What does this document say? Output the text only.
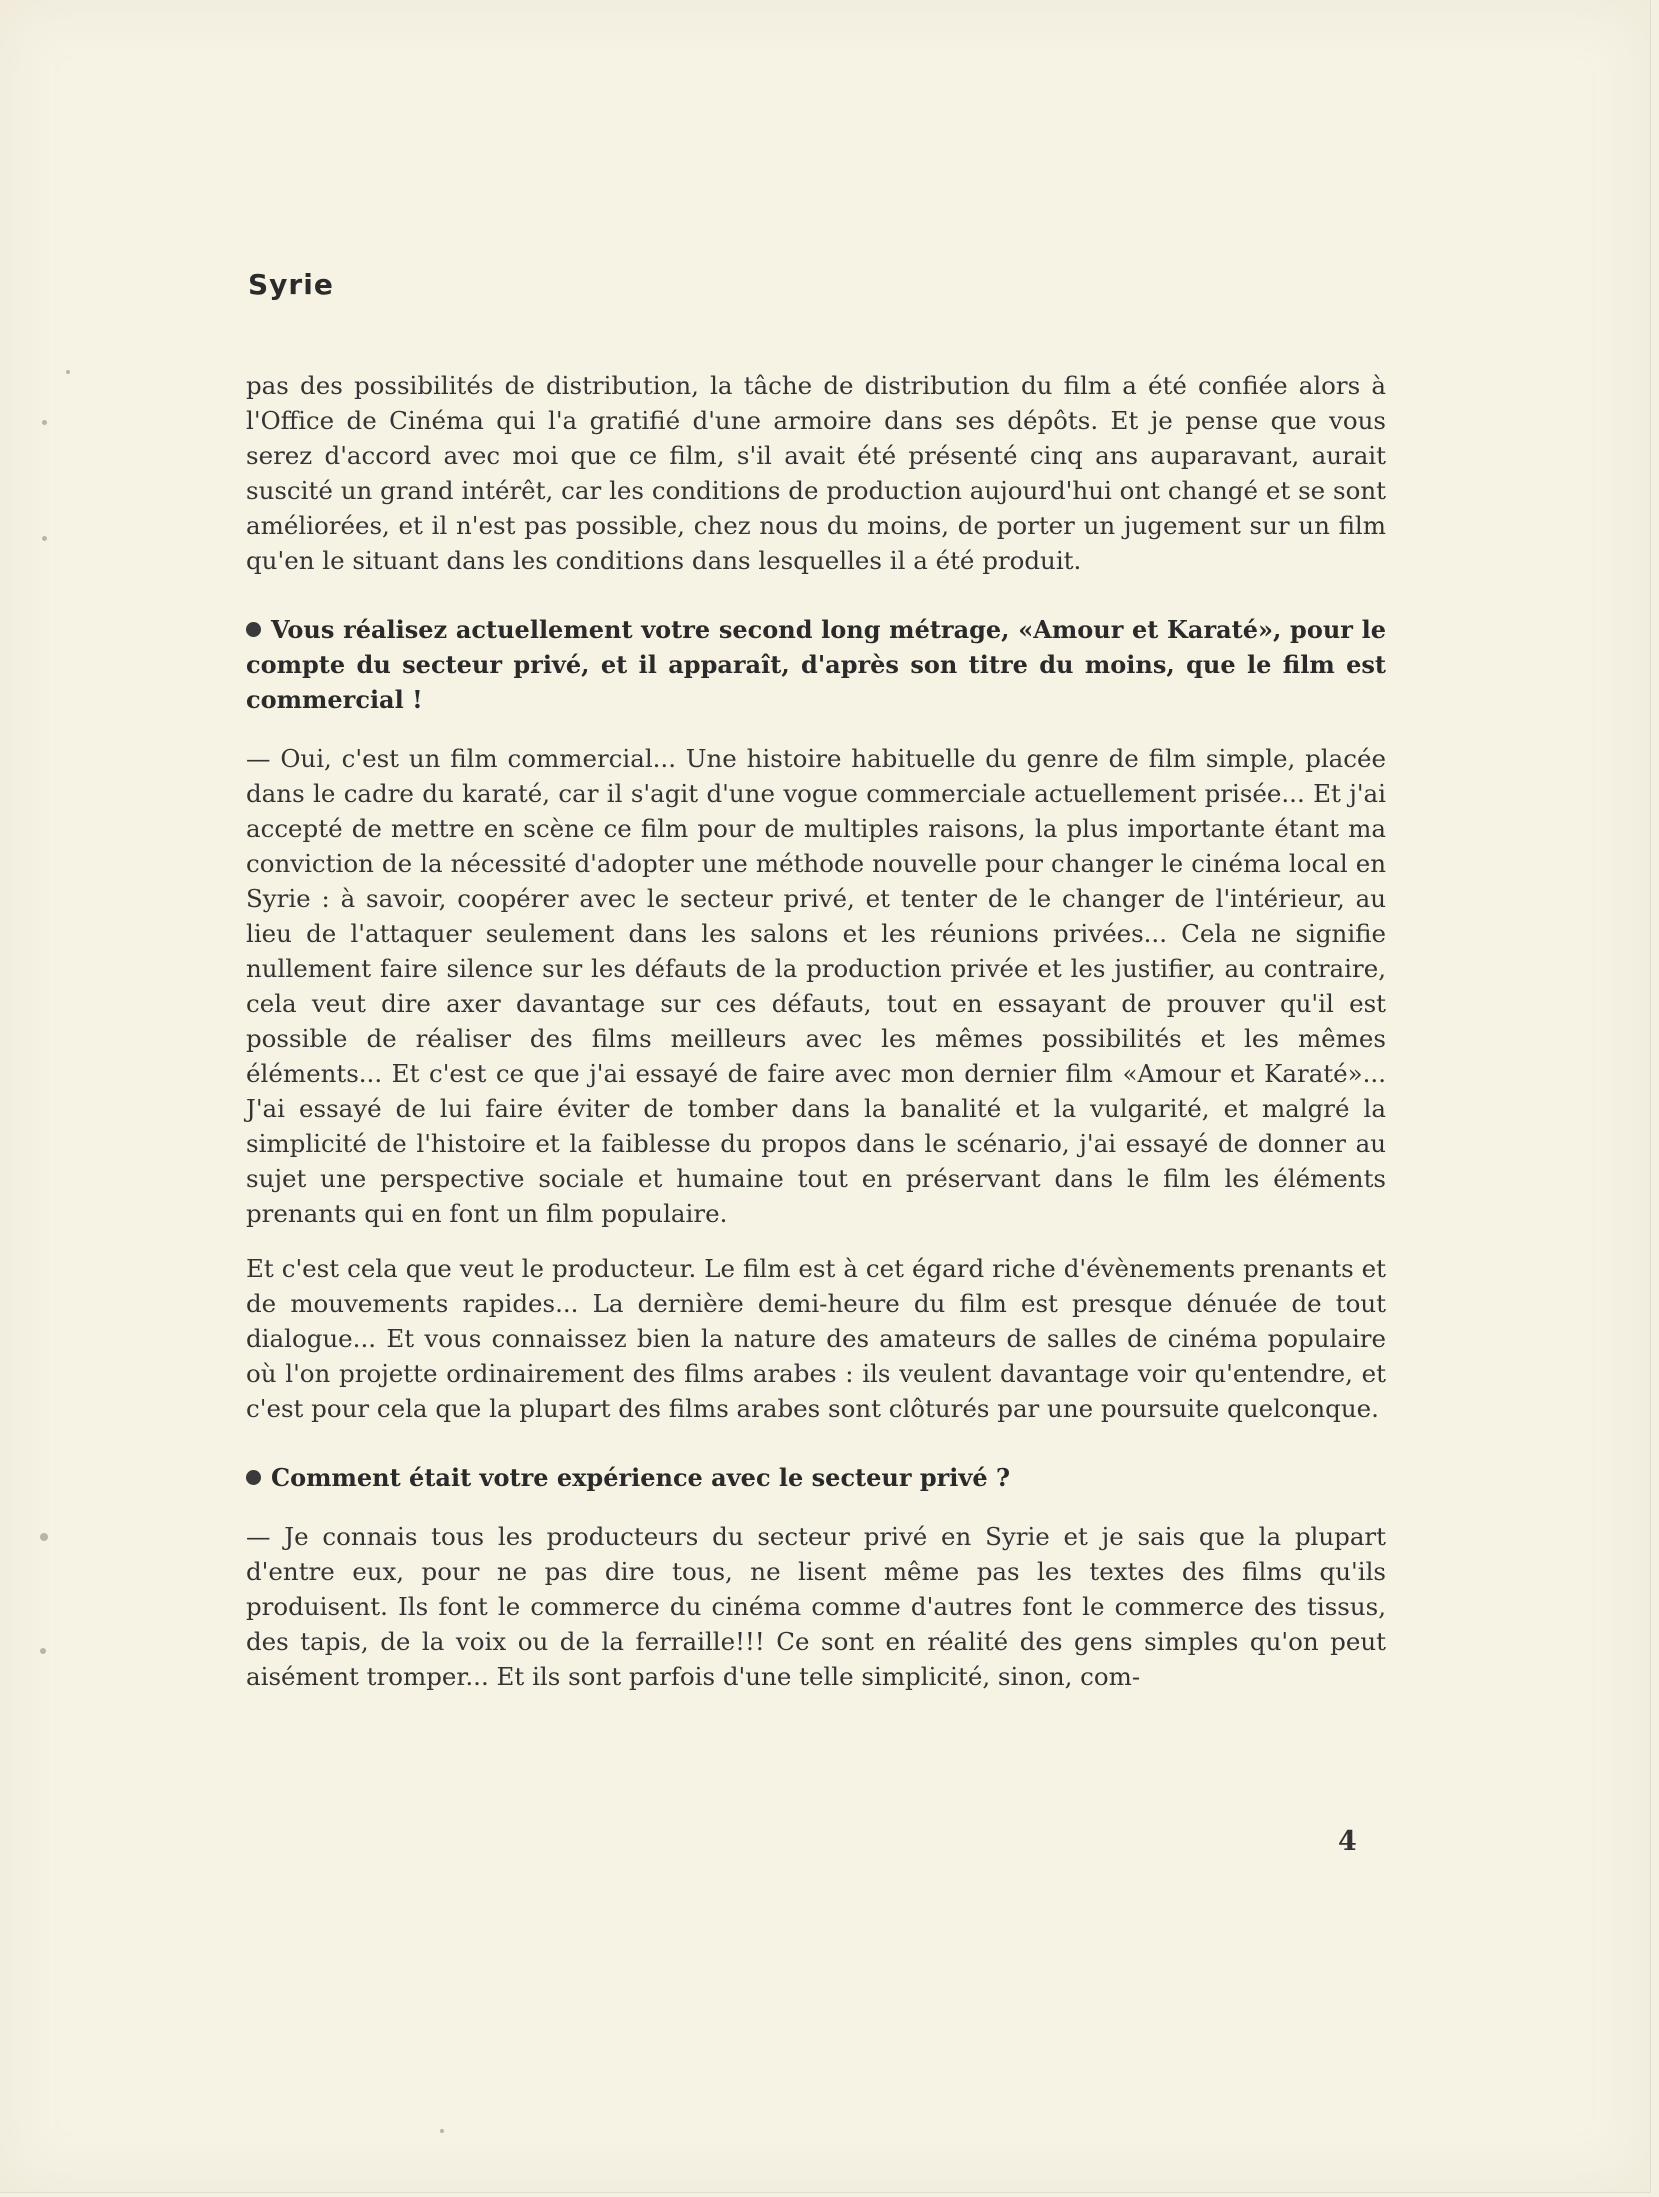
Syrie

pas des possibilités de distribution, la tâche de distribution du film a été confiée alors à l'Office de Cinéma qui l'a gratifié d'une armoire dans ses dépôts. Et je pense que vous serez d'accord avec moi que ce film, s'il avait été présenté cinq ans auparavant, aurait suscité un grand intérêt, car les conditions de production aujourd'hui ont changé et se sont améliorées, et il n'est pas possible, chez nous du moins, de porter un jugement sur un film qu'en le situant dans les conditions dans lesquelles il a été produit.

Vous réalisez actuellement votre second long métrage, «Amour et Karaté», pour le compte du secteur privé, et il apparaît, d'après son titre du moins, que le film est commercial !

— Oui, c'est un film commercial... Une histoire habituelle du genre de film simple, placée dans le cadre du karaté, car il s'agit d'une vogue commerciale actuellement prisée... Et j'ai accepté de mettre en scène ce film pour de multiples raisons, la plus importante étant ma conviction de la nécessité d'adopter une méthode nouvelle pour changer le cinéma local en Syrie : à savoir, coopérer avec le secteur privé, et tenter de le changer de l'intérieur, au lieu de l'attaquer seulement dans les salons et les réunions privées... Cela ne signifie nullement faire silence sur les défauts de la production privée et les justifier, au contraire, cela veut dire axer davantage sur ces défauts, tout en essayant de prouver qu'il est possible de réaliser des films meilleurs avec les mêmes possibilités et les mêmes éléments... Et c'est ce que j'ai essayé de faire avec mon dernier film «Amour et Karaté»... J'ai essayé de lui faire éviter de tomber dans la banalité et la vulgarité, et malgré la simplicité de l'histoire et la faiblesse du propos dans le scénario, j'ai essayé de donner au sujet une perspective sociale et humaine tout en préservant dans le film les éléments prenants qui en font un film populaire.

Et c'est cela que veut le producteur. Le film est à cet égard riche d'évènements prenants et de mouvements rapides... La dernière demi-heure du film est presque dénuée de tout dialogue... Et vous connaissez bien la nature des amateurs de salles de cinéma populaire où l'on projette ordinairement des films arabes : ils veulent davantage voir qu'entendre, et c'est pour cela que la plupart des films arabes sont clôturés par une poursuite quelconque.

Comment était votre expérience avec le secteur privé ?

— Je connais tous les producteurs du secteur privé en Syrie et je sais que la plupart d'entre eux, pour ne pas dire tous, ne lisent même pas les textes des films qu'ils produisent. Ils font le commerce du cinéma comme d'autres font le commerce des tissus, des tapis, de la voix ou de la ferraille!!! Ce sont en réalité des gens simples qu'on peut aisément tromper... Et ils sont parfois d'une telle simplicité, sinon, com-

4
